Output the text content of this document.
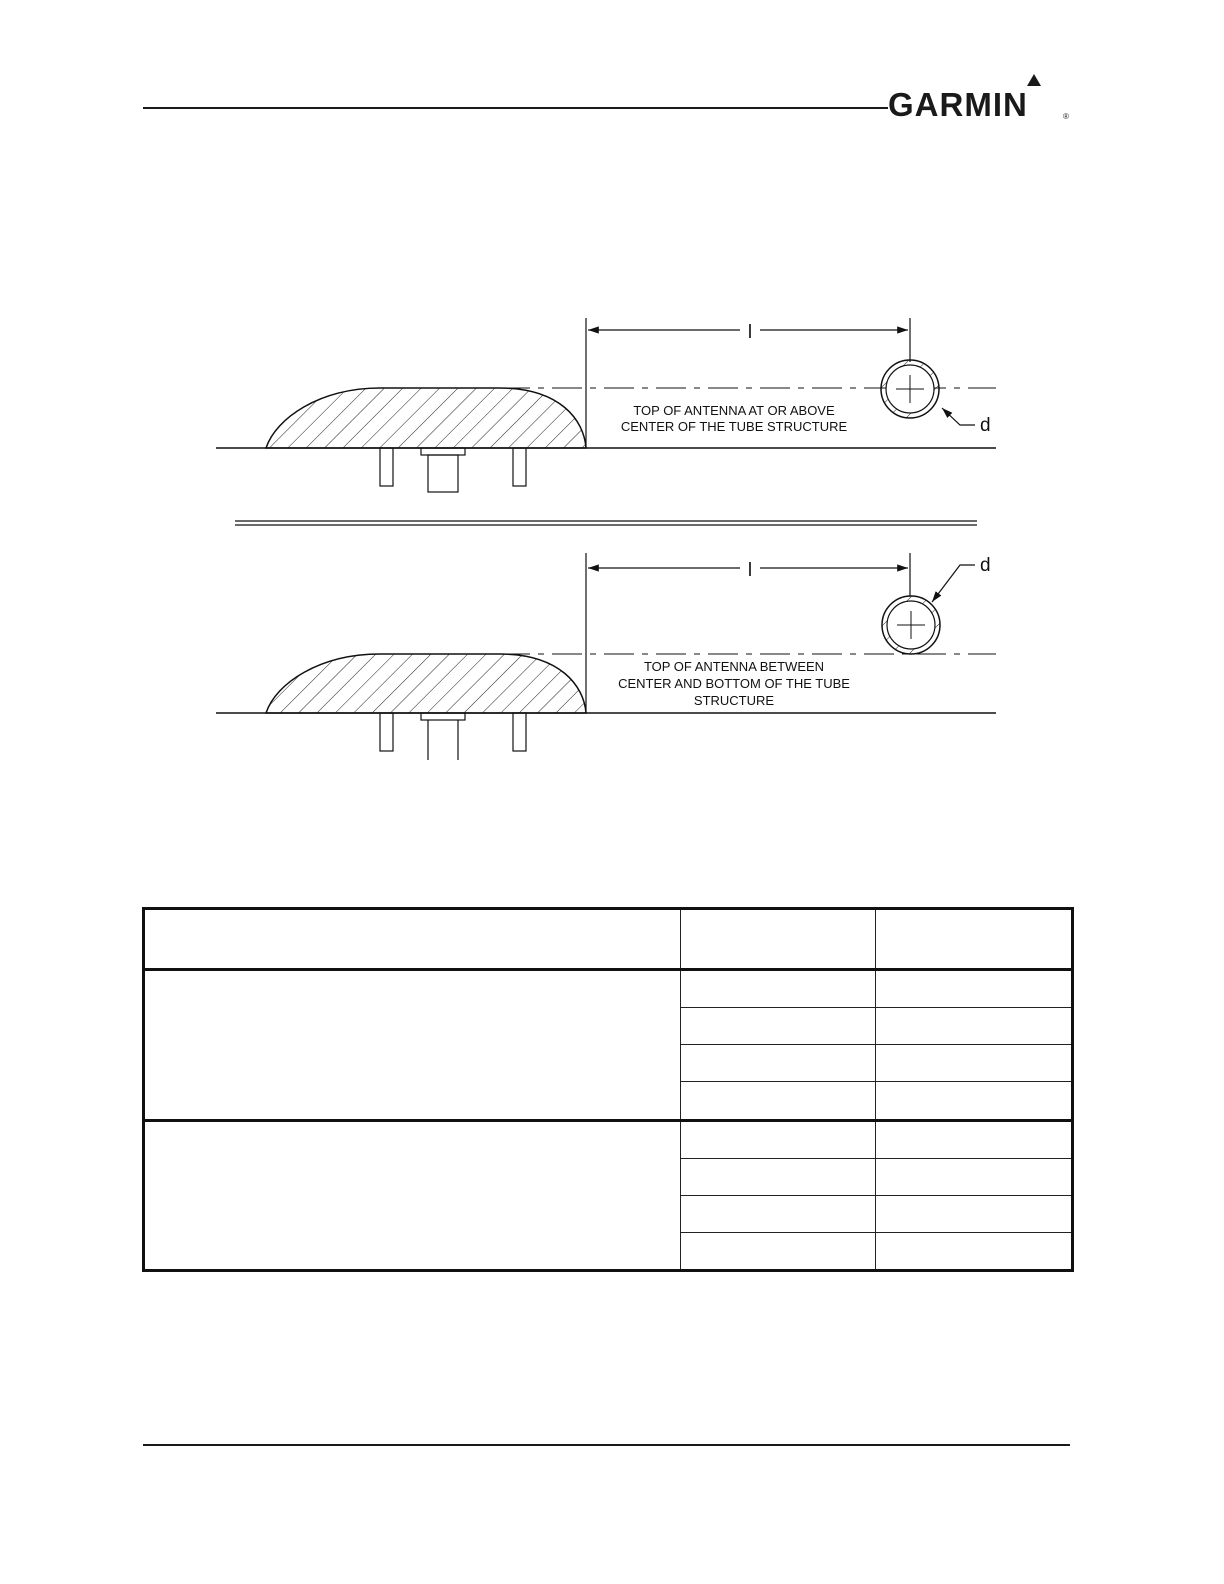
GARMIN	®
l
d
TOP OF ANTENNA AT OR ABOVE
CENTER OF THE TUBE STRUCTURE
l	d
TOP OF ANTENNA BETWEEN
CENTER AND BOTTOM OF THE TUBE
STRUCTURE
